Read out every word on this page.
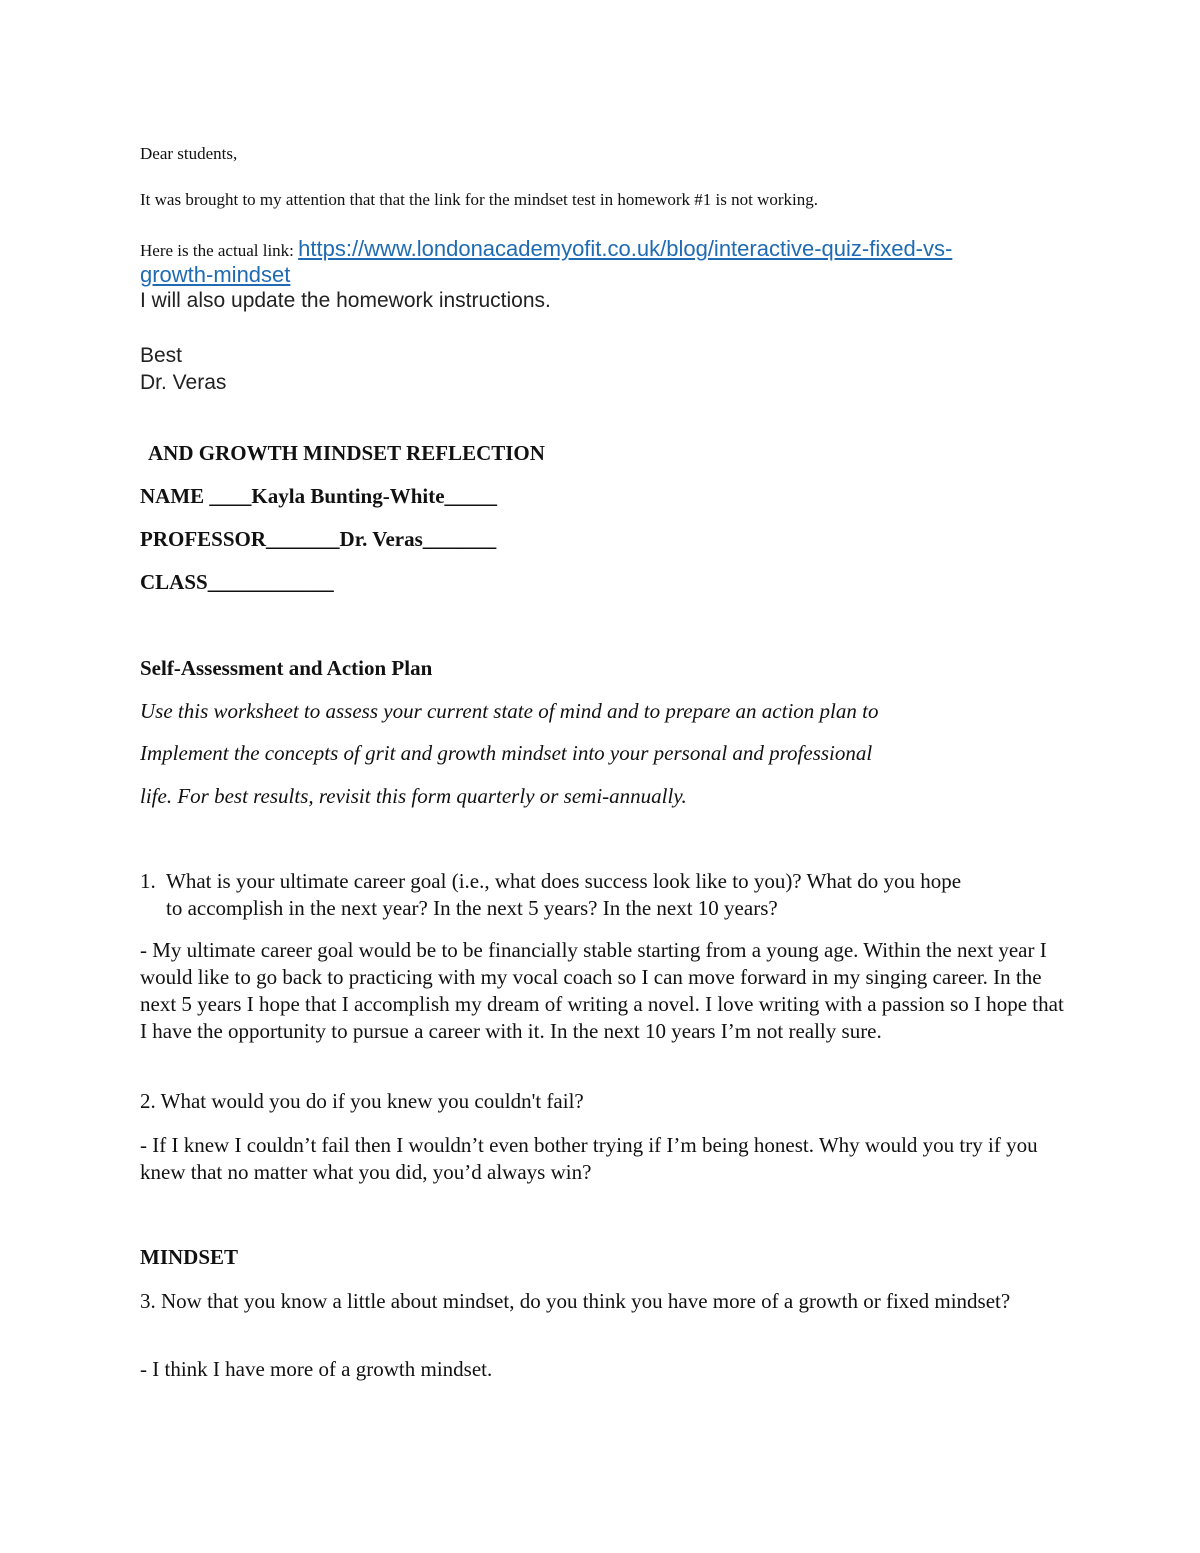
Dear students,
It was brought to my attention that that the link for the mindset test in homework #1 is not working.
Here is the actual link: https://www.londonacademyofit.co.uk/blog/interactive-quiz-fixed-vs-
growth-mindset
I will also update the homework instructions.
Best
Dr. Veras
AND GROWTH MINDSET REFLECTION
NAME ____Kayla Bunting-White_____
PROFESSOR_______Dr. Veras_______
CLASS____________
Self-Assessment and Action Plan
Use this worksheet to assess your current state of mind and to prepare an action plan to
Implement the concepts of grit and growth mindset into your personal and professional
life. For best results, revisit this form quarterly or semi-annually.
1. What is your ultimate career goal (i.e., what does success look like to you)? What do you hope
to accomplish in the next year? In the next 5 years? In the next 10 years?
- My ultimate career goal would be to be financially stable starting from a young age. Within the next year I would like to go back to practicing with my vocal coach so I can move forward in my singing career. In the next 5 years I hope that I accomplish my dream of writing a novel. I love writing with a passion so I hope that I have the opportunity to pursue a career with it. In the next 10 years I’m not really sure.
2. What would you do if you knew you couldn't fail?
- If I knew I couldn’t fail then I wouldn’t even bother trying if I’m being honest. Why would you try if you knew that no matter what you did, you’d always win?
MINDSET
3. Now that you know a little about mindset, do you think you have more of a growth or fixed mindset?
- I think I have more of a growth mindset.
